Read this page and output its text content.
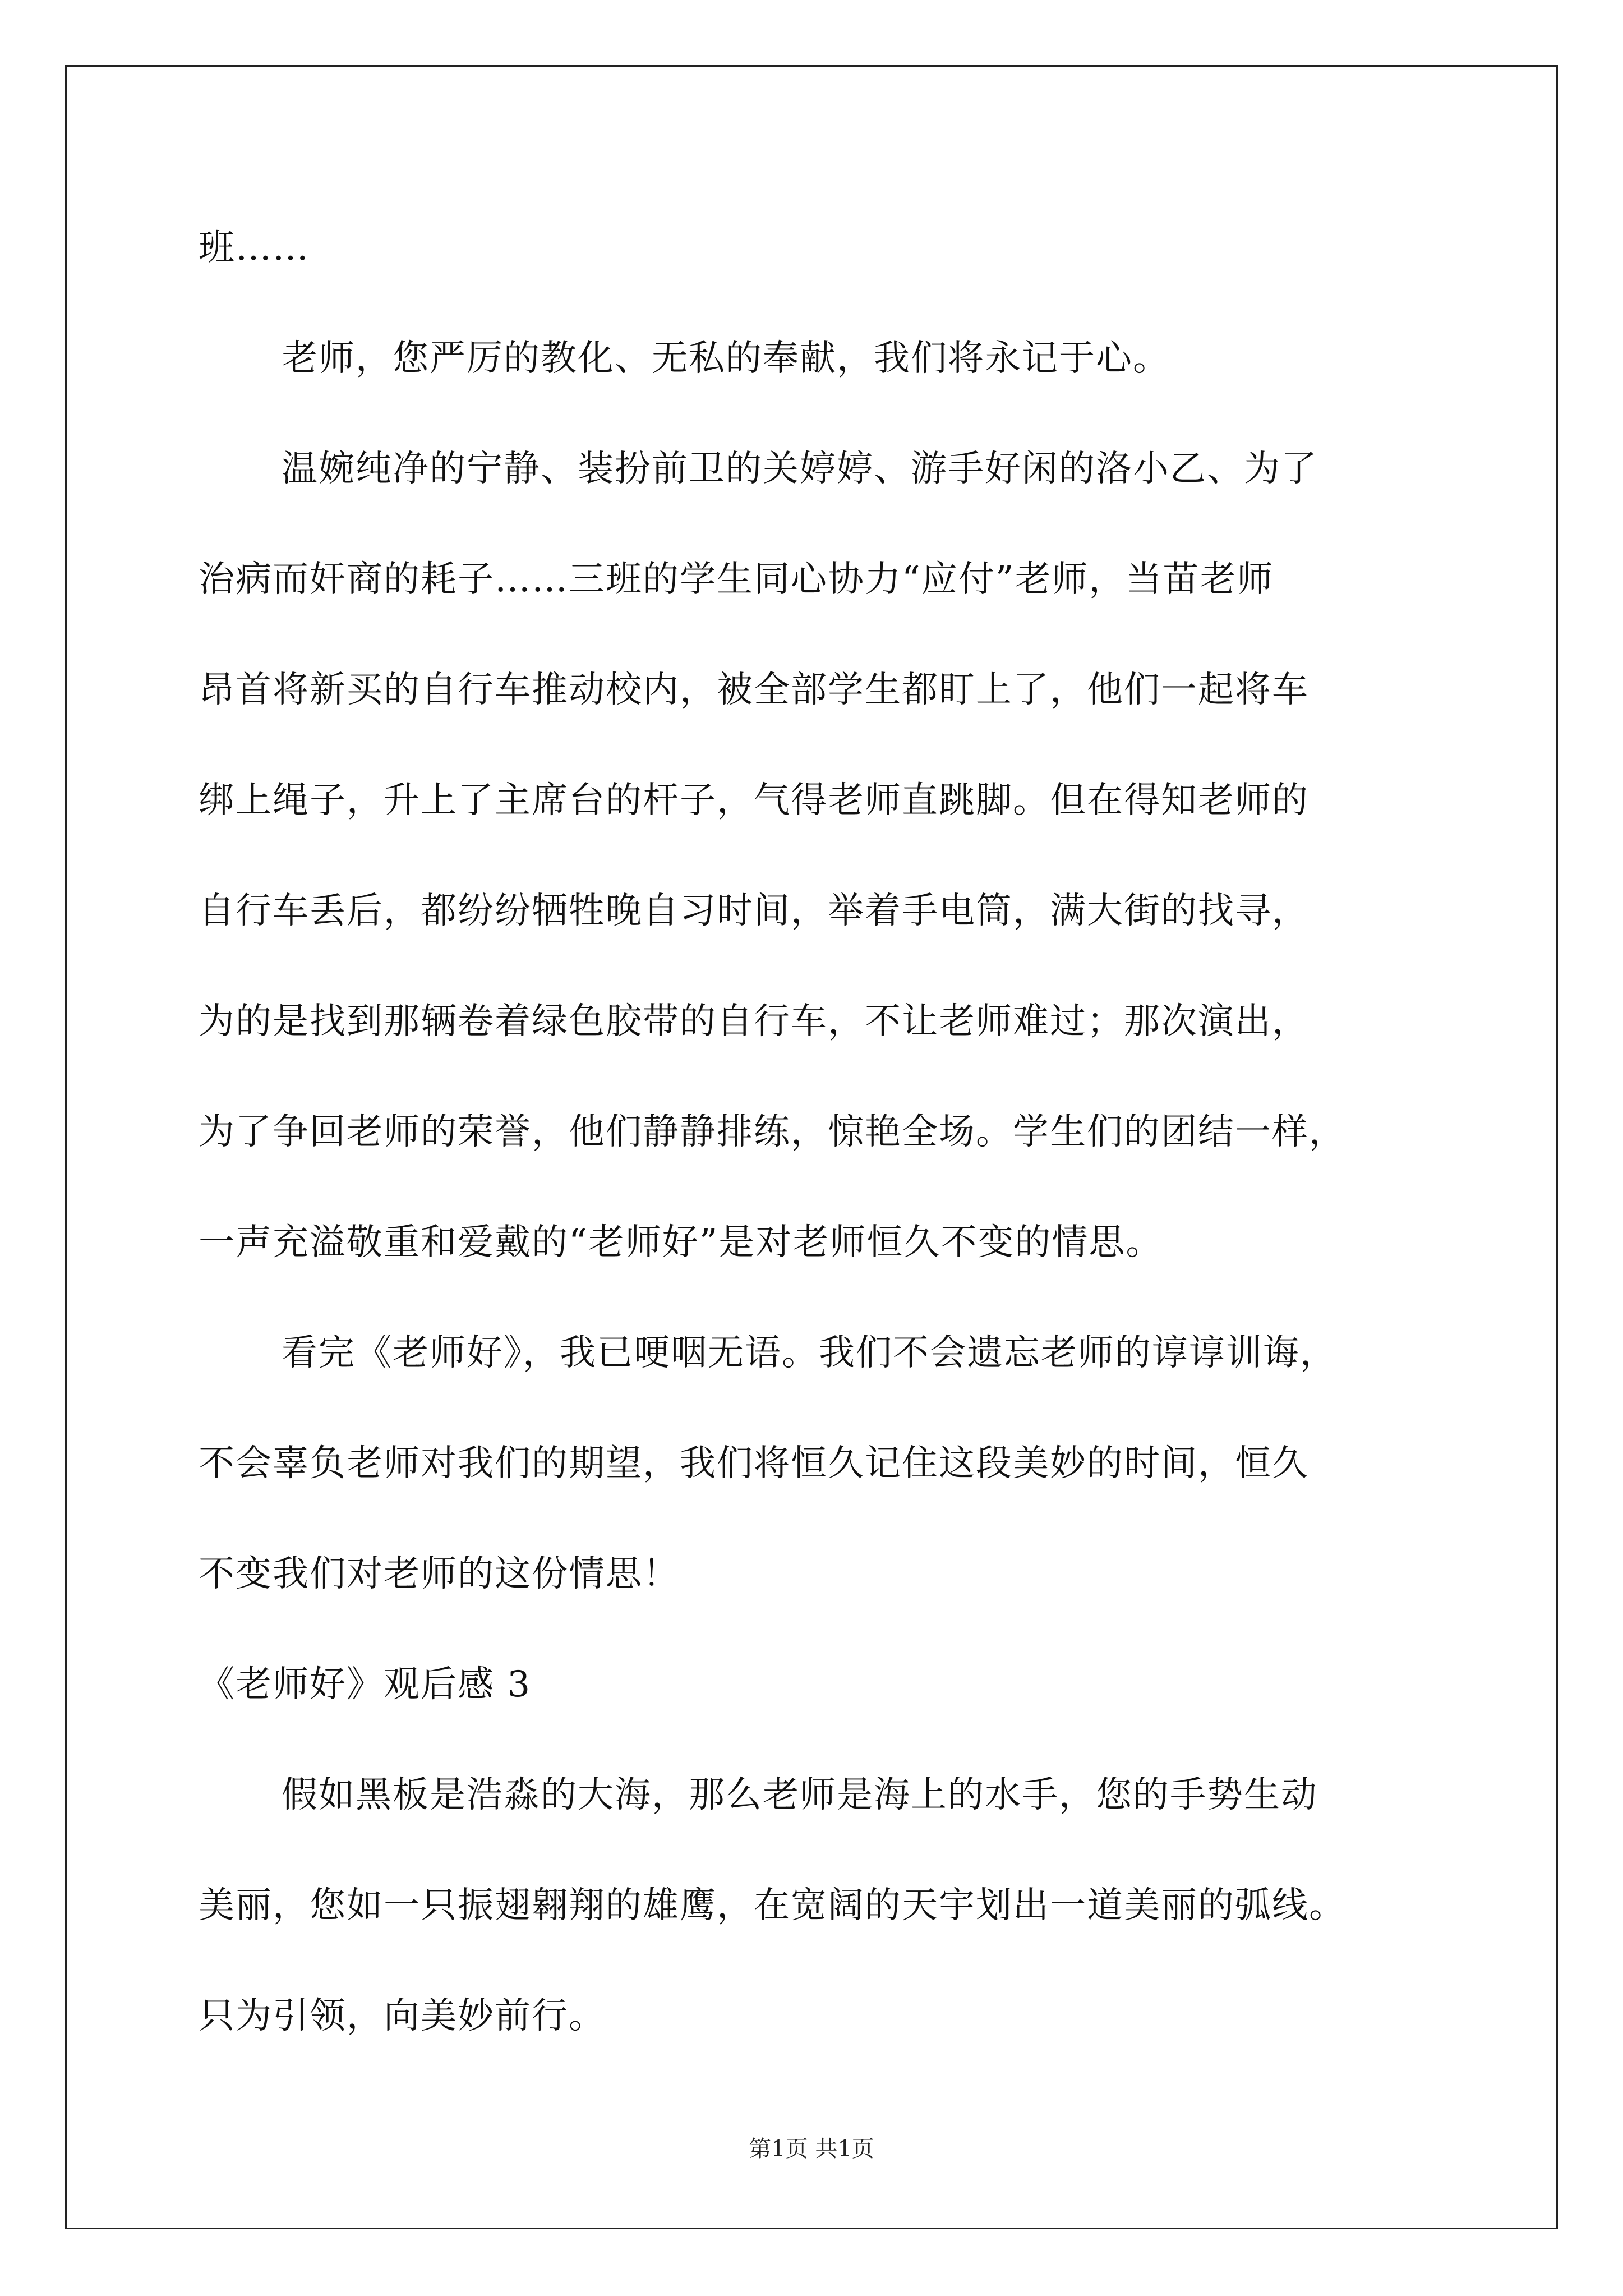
班……

老师，您严厉的教化、无私的奉献，我们将永记于心。

温婉纯净的宁静、装扮前卫的关婷婷、游手好闲的洛小乙、为了

治病而奸商的耗子……三班的学生同心协力“应付”老师，当苗老师

昂首将新买的自行车推动校内，被全部学生都盯上了，他们一起将车

绑上绳子，升上了主席台的杆子，气得老师直跳脚。但在得知老师的

自行车丢后，都纷纷牺牲晚自习时间，举着手电筒，满大街的找寻，

为的是找到那辆卷着绿色胶带的自行车，不让老师难过；那次演出，

为了争回老师的荣誉，他们静静排练，惊艳全场。学生们的团结一样，

一声充溢敬重和爱戴的“老师好”是对老师恒久不变的情思。

看完《老师好》，我已哽咽无语。我们不会遗忘老师的谆谆训诲，

不会辜负老师对我们的期望，我们将恒久记住这段美妙的时间，恒久

不变我们对老师的这份情思！

《老师好》观后感 3

假如黑板是浩淼的大海，那么老师是海上的水手，您的手势生动

美丽，您如一只振翅翱翔的雄鹰，在宽阔的天宇划出一道美丽的弧线。

只为引领，向美妙前行。

第1页 共1页
